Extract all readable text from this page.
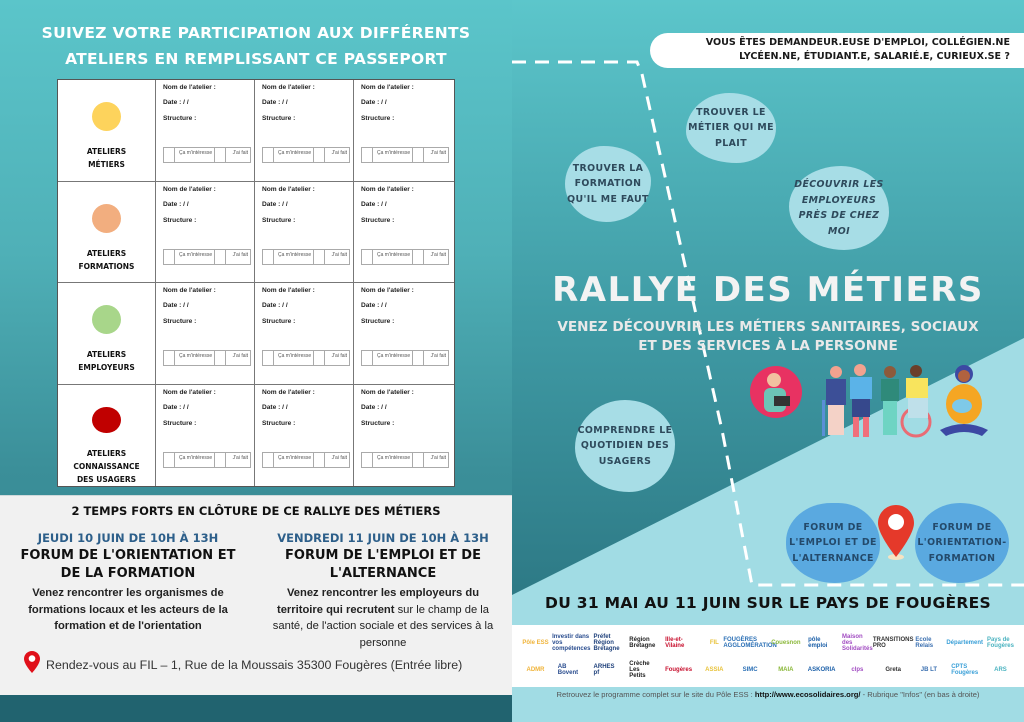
SUIVEZ VOTRE PARTICIPATION AUX DIFFÉRENTS
ATELIERS EN REMPLISSANT CE PASSEPORT
ATELIERS
MÉTIERS
Nom de l'atelier :
Date : / /
Structure :
Ça m'intéresse	J'ai fait
Nom de l'atelier :
Date : / /
Structure :
Ça m'intéresse	J'ai fait
Nom de l'atelier :
Date : / /
Structure :
Ça m'intéresse	J'ai fait
ATELIERS
FORMATIONS
Nom de l'atelier :
Date : / /
Structure :
Ça m'intéresse	J'ai fait
Nom de l'atelier :
Date : / /
Structure :
Ça m'intéresse	J'ai fait
Nom de l'atelier :
Date : / /
Structure :
Ça m'intéresse	J'ai fait
ATELIERS
EMPLOYEURS
Nom de l'atelier :
Date : / /
Structure :
Ça m'intéresse	J'ai fait
Nom de l'atelier :
Date : / /
Structure :
Ça m'intéresse	J'ai fait
Nom de l'atelier :
Date : / /
Structure :
Ça m'intéresse	J'ai fait
ATELIERS
CONNAISSANCE
DES USAGERS
Nom de l'atelier :
Date : / /
Structure :
Ça m'intéresse	J'ai fait
Nom de l'atelier :
Date : / /
Structure :
Ça m'intéresse	J'ai fait
Nom de l'atelier :
Date : / /
Structure :
Ça m'intéresse	J'ai fait
2 TEMPS FORTS EN CLÔTURE DE CE RALLYE DES MÉTIERS
JEUDI 10 JUIN DE 10H À 13H
FORUM DE L'ORIENTATION ET DE LA FORMATION
Venez rencontrer les organismes de formations locaux et les acteurs de la formation et de l'orientation
VENDREDI 11 JUIN DE 10H À 13H
FORUM DE L'EMPLOI ET DE L'ALTERNANCE
Venez rencontrer les employeurs du territoire qui recrutent sur le champ de la santé, de l'action sociale et des services à la personne
Rendez-vous au FIL – 1, Rue de la Moussais 35300 Fougères (Entrée libre)
VOUS ÊTES DEMANDEUR.EUSE D'EMPLOI, COLLÉGIEN.NE
LYCÉEN.NE, ÉTUDIANT.E, SALARIÉ.E, CURIEUX.SE ?
TROUVER LE MÉTIER QUI ME PLAIT
TROUVER LA FORMATION QU'IL ME FAUT
DÉCOUVRIR LES EMPLOYEURS PRÈS DE CHEZ MOI
COMPRENDRE LE QUOTIDIEN DES USAGERS
FORUM DE L'EMPLOI ET DE L'ALTERNANCE
FORUM DE L'ORIENTATION-FORMATION
RALLYE DES MÉTIERS
VENEZ DÉCOUVRIR LES MÉTIERS SANITAIRES, SOCIAUX
ET DES SERVICES À LA PERSONNE
DU 31 MAI AU 11 JUIN SUR LE PAYS DE FOUGÈRES
Pôle ESS
Investir dans vos compétences
Préfet Région Bretagne
Région Bretagne
Ille-et-Vilaine	FIL FOUGÈRES AGGLOMÉRATION
Couesnon	pôle emploi
Maison des Solidarités
TRANSITIONS PRO
Ecole Relais	Département Pays de Fougères
ADMR	AB Bovent
ARHES pf
Crèche Les Petits
Fougères	ASSIA	SIMC	MAIA	ASKORIA	clps	Greta	JB LT	CPTS Fougères	ARS
Retrouvez le programme complet sur le site du Pôle ESS : http://www.ecosolidaires.org/ - Rubrique "Infos" (en bas à droite)
